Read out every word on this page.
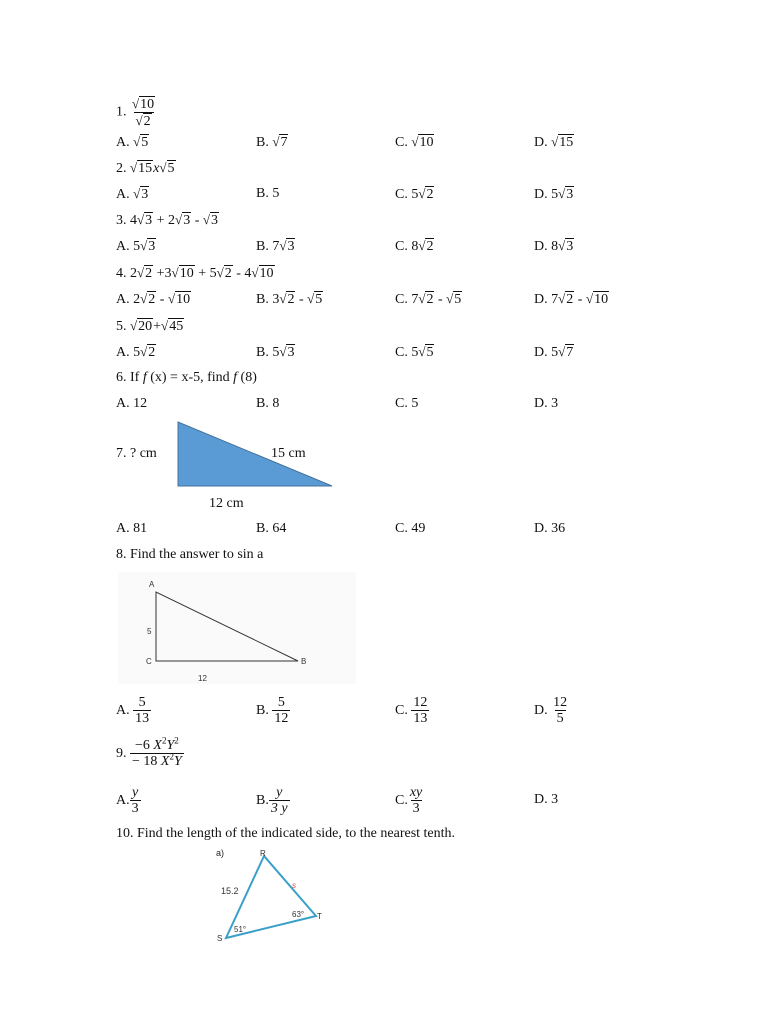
1. $\frac{√10}{√2}$
A. √5	B. √7	C. √10	D. √15
2. √15x√5
A. √3	B. 5	C. 5√2	D. 5√3
3. 4√3 + 2√3 - √3
A. 5√3	B. 7√3	C. 8√2	D. 8√3
4. 2√2 +3√10 + 5√2 - 4√10
A. 2√2 - √10	B. 3√2 - √5	C. 7√2 - √5	D. 7√2 - √10
5. √20+√45
A. 5√2	B. 5√3	C. 5√5	D. 5√7
6. If f (x) = x-5, find f (8)
A. 12	B. 8	C. 5	D. 3
7. ? cm	15 cm
12 cm
A. 81	B. 64	C. 49	D. 36
8. Find the answer to sin a
A
C	B
5
12
A. $\frac{5}{13}$	B. $\frac{5}{12}$	C. $\frac{12}{13}$	D. $\frac{12}{5}$
9. $\frac{-6 X^2Y^2}{- 18 X^2Y}$
A. $\frac{y}{3}$	B. $\frac{y}{3 y}$	C. $\frac{xy}{3}$	D. 3
10. Find the length of the indicated side, to the nearest tenth.
a)	R
S
T
15.2
s
51°
63°
